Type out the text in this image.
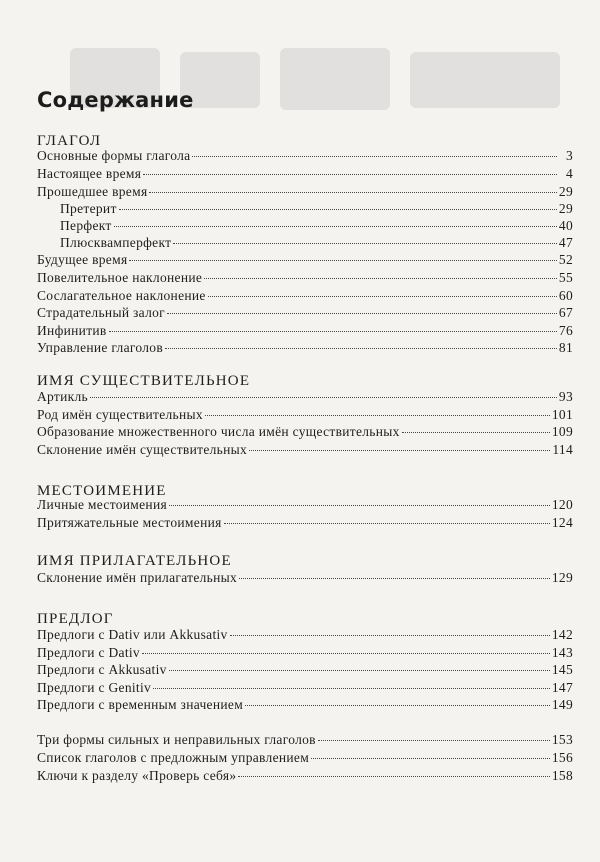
Содержание
ГЛАГОЛ
Основные формы глагола	3
Настоящее время	4
Прошедшее время	29
Претерит	29
Перфект	40
Плюсквамперфект	47
Будущее время	52
Повелительное наклонение	55
Сослагательное наклонение	60
Страдательный залог	67
Инфинитив	76
Управление глаголов	81
ИМЯ СУЩЕСТВИТЕЛЬНОЕ
Артикль	93
Род имён существительных	101
Образование множественного числа имён существительных	109
Склонение имён существительных	114
МЕСТОИМЕНИЕ
Личные местоимения	120
Притяжательные местоимения	124
ИМЯ ПРИЛАГАТЕЛЬНОЕ
Склонение имён прилагательных	129
ПРЕДЛОГ
Предлоги с Dativ или Akkusativ	142
Предлоги с Dativ	143
Предлоги с Akkusativ	145
Предлоги с Genitiv	147
Предлоги с временным значением	149
Три формы сильных и неправильных глаголов	153
Список глаголов с предложным управлением	156
Ключи к разделу «Проверь себя»	158
